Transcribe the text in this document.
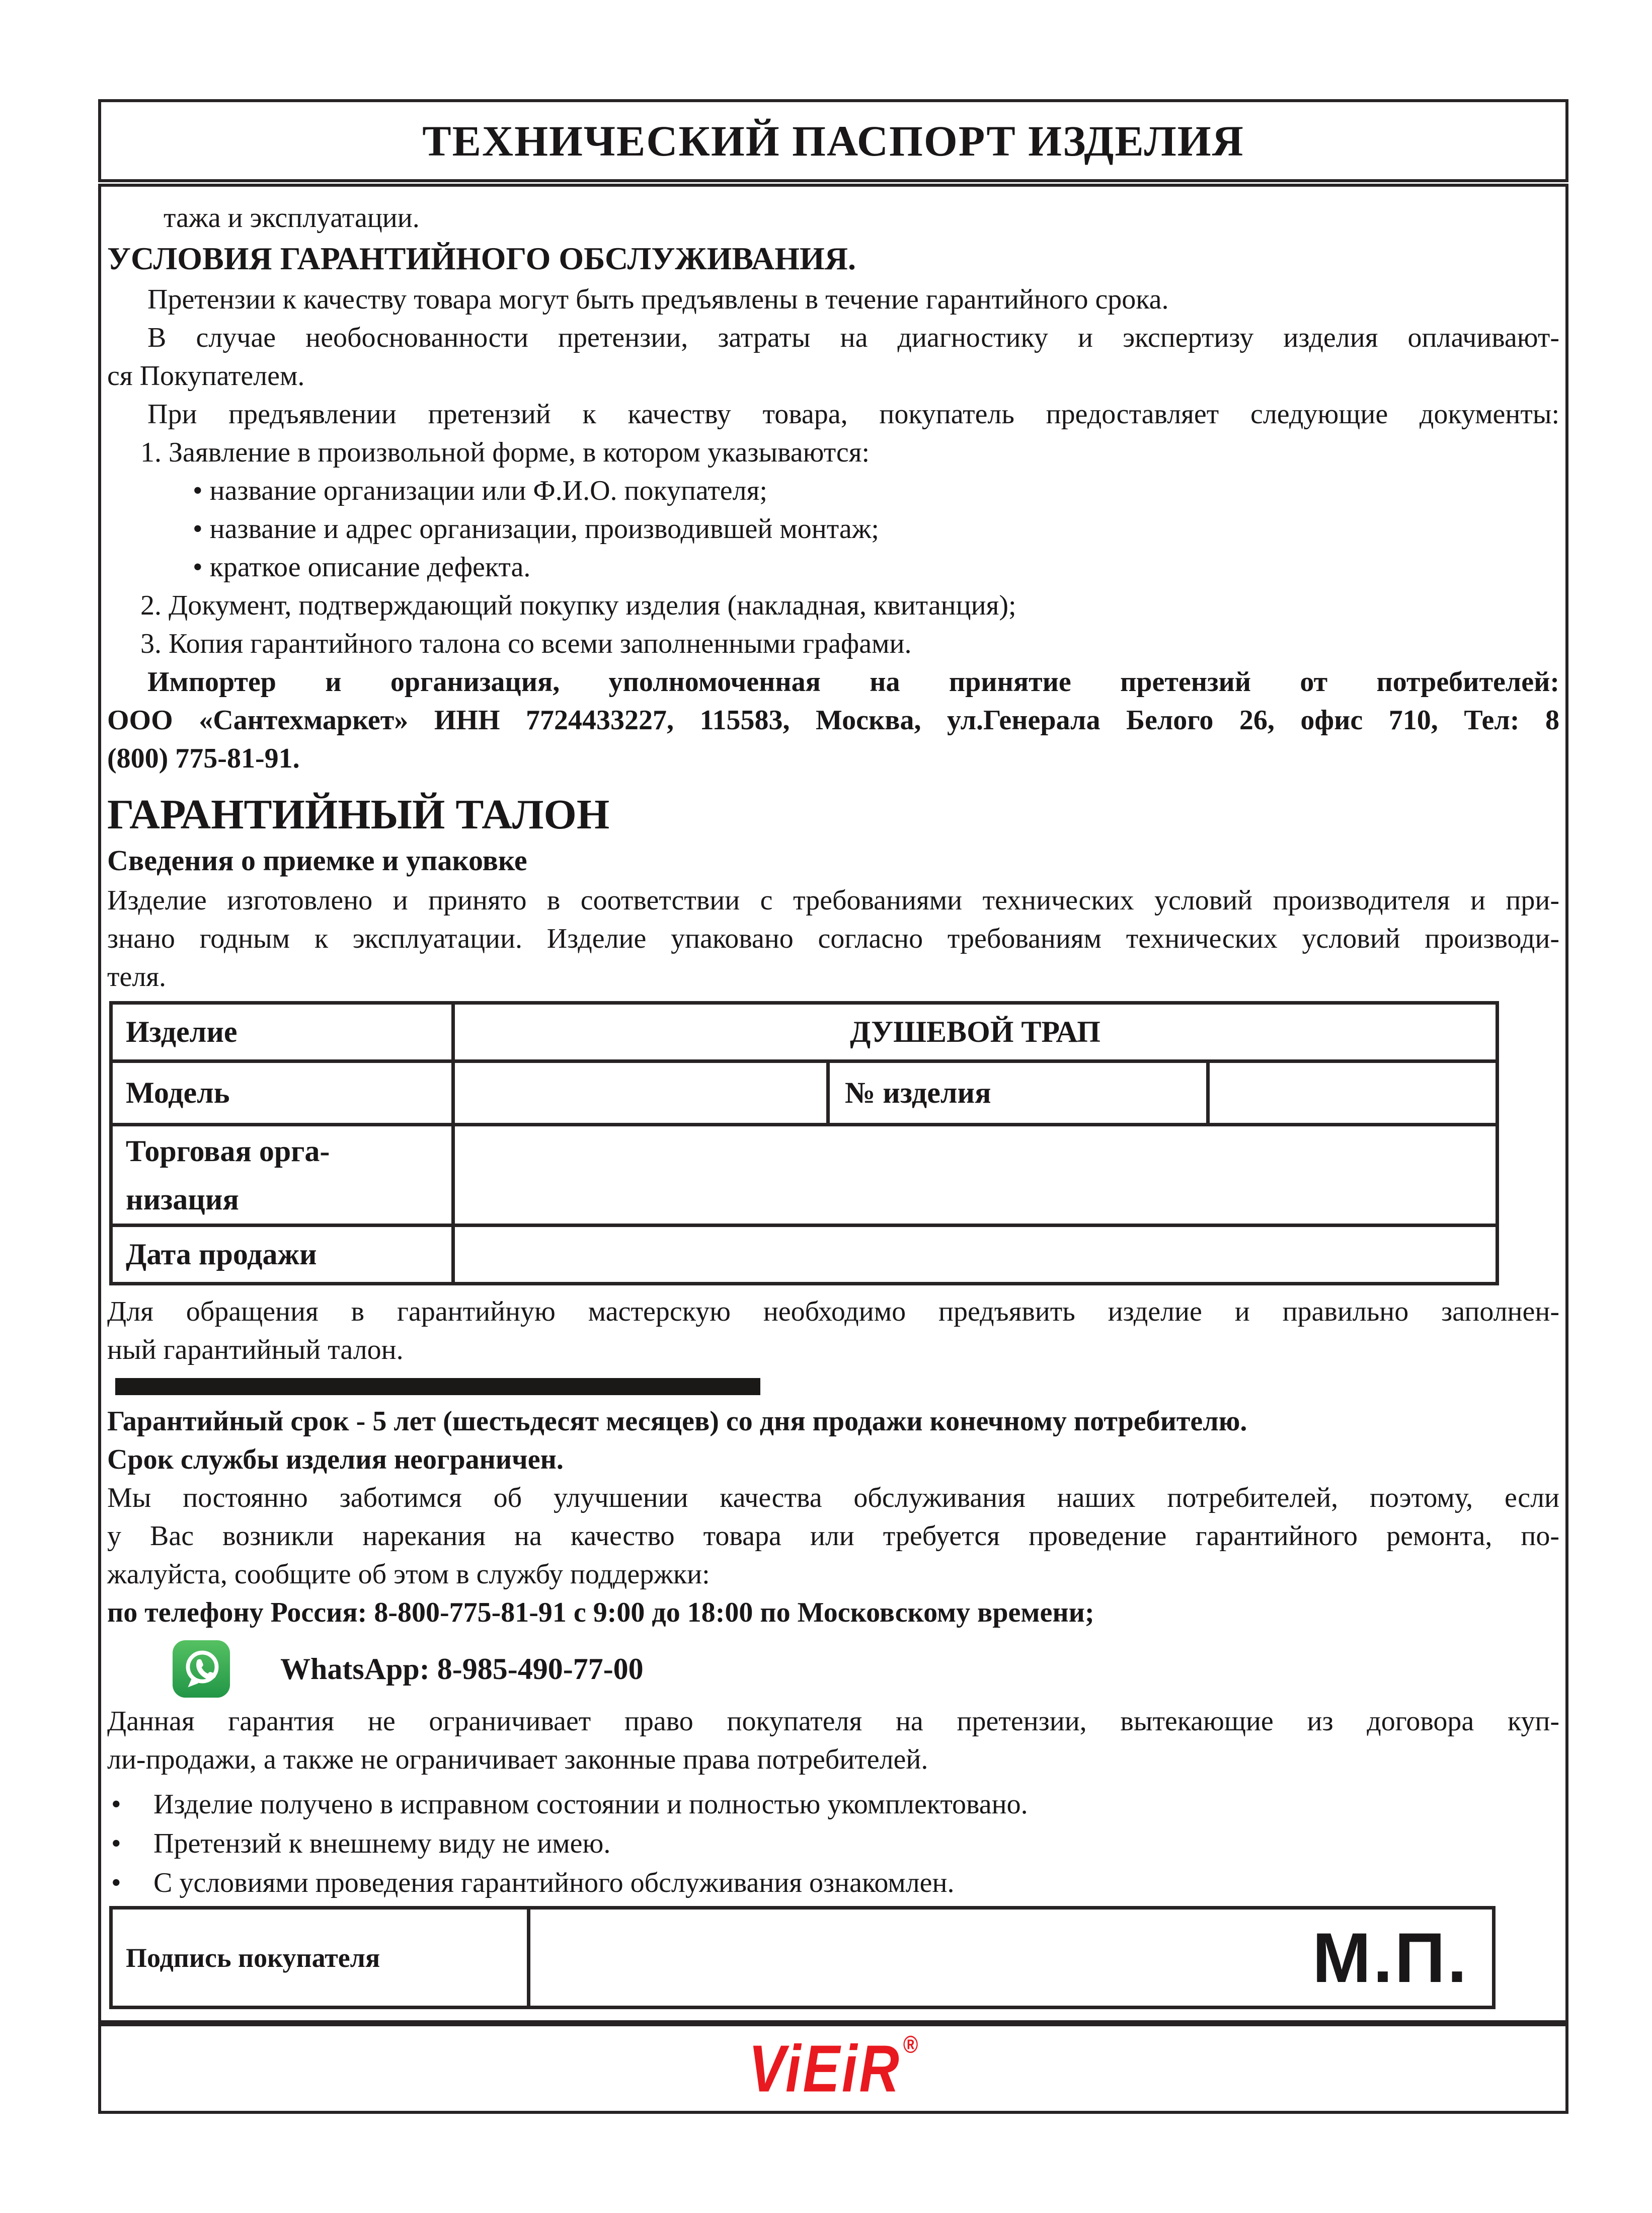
ТЕХНИЧЕСКИЙ ПАСПОРТ ИЗДЕЛИЯ
тажа и эксплуатации.
УСЛОВИЯ ГАРАНТИЙНОГО ОБСЛУЖИВАНИЯ.
Претензии к качеству товара могут быть предъявлены в течение гарантийного срока.
В случае необоснованности претензии, затраты на диагностику и экспертизу изделия оплачивают-
ся Покупателем.
При предъявлении претензий к качеству товара, покупатель предоставляет следующие документы:
1. Заявление в произвольной форме, в котором указываются:
• название организации или Ф.И.О. покупателя;
• название и адрес организации, производившей монтаж;
• краткое описание дефекта.
2. Документ, подтверждающий покупку изделия (накладная, квитанция);
3. Копия гарантийного талона со всеми заполненными графами.
Импортер и организация, уполномоченная на принятие претензий от потребителей:
ООО «Сантехмаркет» ИНН 7724433227, 115583, Москва, ул.Генерала Белого 26, офис 710, Тел: 8
(800) 775-81-91.
ГАРАНТИЙНЫЙ ТАЛОН
Сведения о приемке и упаковке
Изделие изготовлено и принято в соответствии с требованиями технических условий производителя и при-
знано годным к эксплуатации. Изделие упаковано согласно требованиям технических условий производи-
теля.
Изделие	ДУШЕВОЙ ТРАП		
Модель		№ изделия	

Торговая орга-
низация			

Дата продажи			
Для обращения в гарантийную мастерскую необходимо предъявить изделие и правильно заполнен-
ный гарантийный талон.
Гарантийный срок - 5 лет (шестьдесят месяцев) со дня продажи конечному потребителю.
Срок службы изделия неограничен.
Мы постоянно заботимся об улучшении качества обслуживания наших потребителей, поэтому, если
у Вас возникли нарекания на качество товара или требуется проведение гарантийного ремонта, по-
жалуйста, сообщите об этом в службу поддержки:
по телефону Россия: 8-800-775-81-91 с 9:00 до 18:00 по Московскому времени;
WhatsApp: 8-985-490-77-00
Данная гарантия не ограничивает право покупателя на претензии, вытекающие из договора куп-
ли-продажи, а также не ограничивает законные права потребителей.
•	Изделие получено в исправном состоянии и полностью укомплектовано.
•	Претензий к внешнему виду не имею.
•	С условиями проведения гарантийного обслуживания ознакомлен.
Подпись покупателя	М.П.
ViEiR ®
